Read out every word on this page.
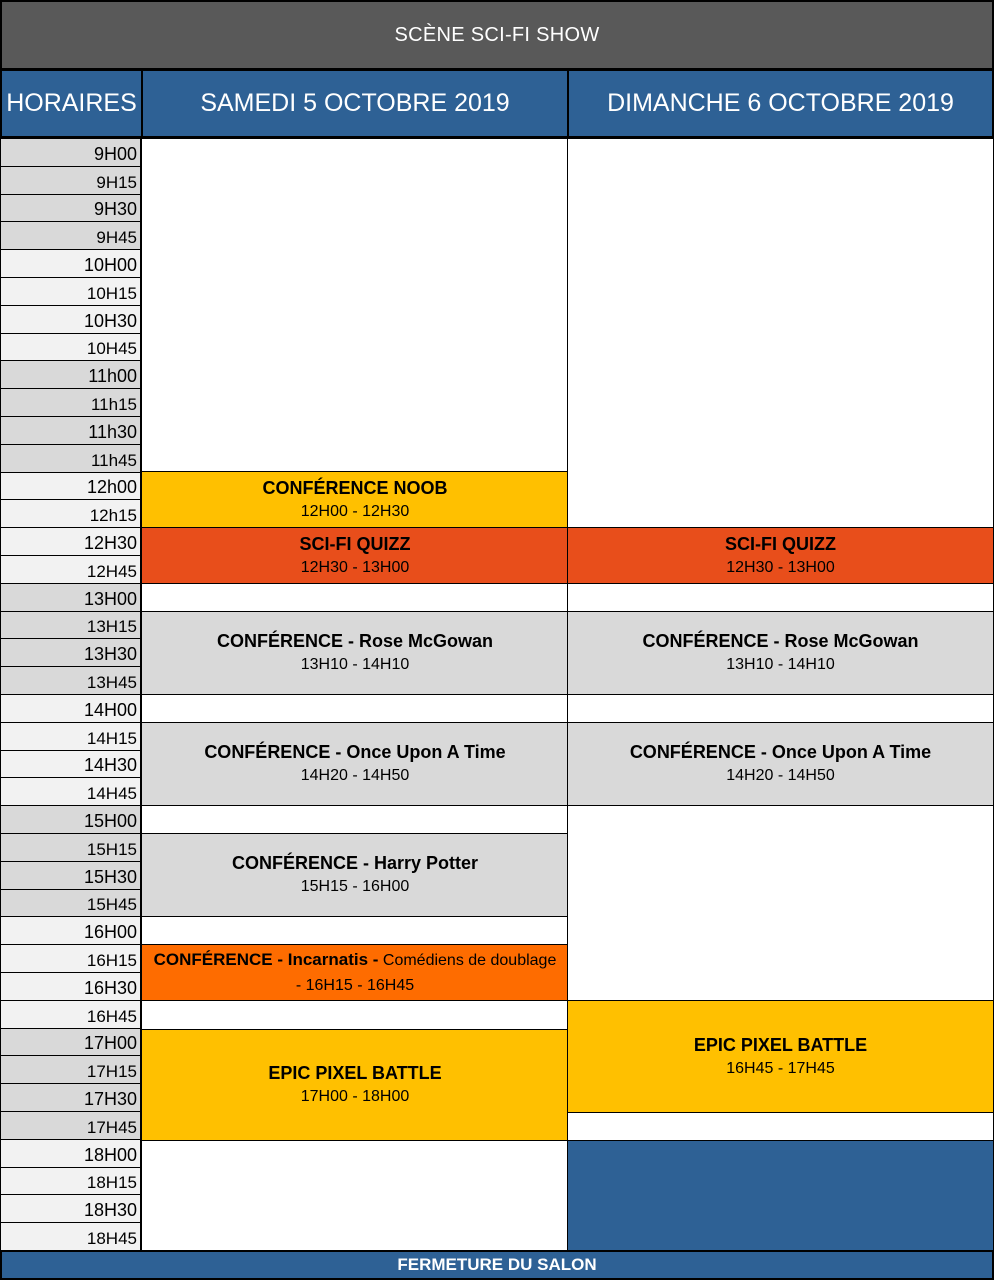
SCÈNE SCI-FI SHOW
HORAIRES	SAMEDI 5 OCTOBRE 2019	DIMANCHE 6 OCTOBRE 2019
9H00
9H15
9H30
9H45
10H00
10H15
10H30
10H45
11h00
11h15
11h30
11h45
12h00
12h15
12H30
12H45
13H00
13H15
13H30
13H45
14H00
14H15
14H30
14H45
15H00
15H15
15H30
15H45
16H00
16H15
16H30
16H45
17H00
17H15
17H30
17H45
18H00
18H15
18H30
18H45
CONFÉRENCE NOOB
12H00 - 12H30
SCI-FI QUIZZ
12H30 - 13H00
CONFÉRENCE - Rose McGowan
13H10 - 14H10
CONFÉRENCE - Once Upon A Time
14H20 - 14H50
CONFÉRENCE - Harry Potter
15H15 - 16H00
CONFÉRENCE - Incarnatis - Comédiens de doublage - 16H15 - 16H45
EPIC PIXEL BATTLE
17H00 - 18H00
SCI-FI QUIZZ
12H30 - 13H00
CONFÉRENCE - Rose McGowan
13H10 - 14H10
CONFÉRENCE - Once Upon A Time
14H20 - 14H50
EPIC PIXEL BATTLE
16H45 - 17H45
FERMETURE DU SALON
